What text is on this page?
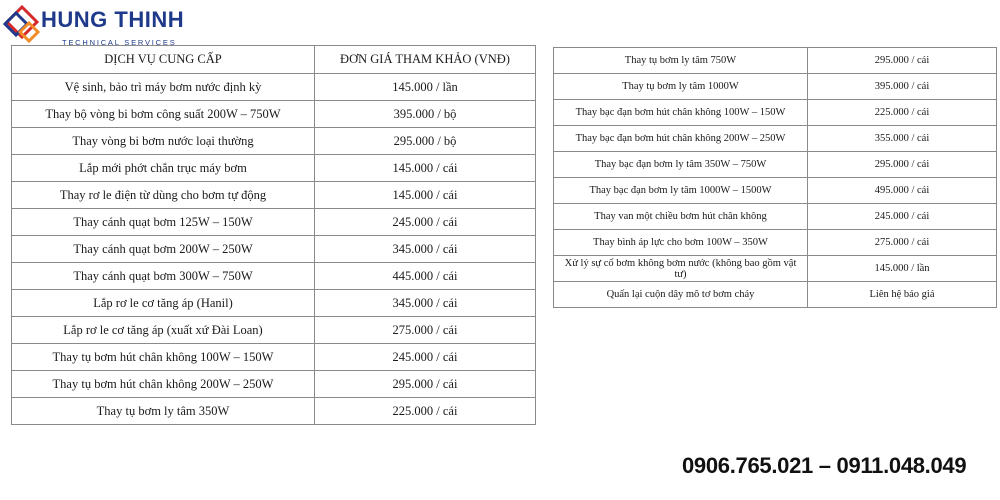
HUNG THINH
TECHNICAL SERVICES
DỊCH VỤ CUNG CẤP	ĐƠN GIÁ THAM KHẢO (VNĐ)
Vệ sinh, bảo trì máy bơm nước định kỳ	145.000 / lần
Thay bộ vòng bi bơm công suất 200W – 750W	395.000 / bộ
Thay vòng bi bơm nước loại thường	295.000 / bộ
Lắp mới phớt chắn trục máy bơm	145.000 / cái
Thay rơ le điện từ dùng cho bơm tự động	145.000 / cái
Thay cánh quạt bơm 125W – 150W	245.000 / cái
Thay cánh quạt bơm 200W – 250W	345.000 / cái
Thay cánh quạt bơm 300W – 750W	445.000 / cái
Lắp rơ le cơ tăng áp (Hanil)	345.000 / cái
Lắp rơ le cơ tăng áp (xuất xứ Đài Loan)	275.000 / cái
Thay tụ bơm hút chân không 100W – 150W	245.000 / cái
Thay tụ bơm hút chân không 200W – 250W	295.000 / cái
Thay tụ bơm ly tâm 350W	225.000 / cái
Thay tụ bơm ly tâm 750W	295.000 / cái
Thay tụ bơm ly tâm 1000W	395.000 / cái
Thay bạc đạn bơm hút chân không 100W – 150W	225.000 / cái
Thay bạc đạn bơm hút chân không 200W – 250W	355.000 / cái
Thay bạc đạn bơm ly tâm 350W – 750W	295.000 / cái
Thay bạc đạn bơm ly tâm 1000W – 1500W	495.000 / cái
Thay van một chiều bơm hút chân không	245.000 / cái
Thay bình áp lực cho bơm 100W – 350W	275.000 / cái
Xử lý sự cố bơm không bơm nước (không bao gồm vật tư)	145.000 / lần
Quấn lại cuộn dây mô tơ bơm cháy	Liên hệ báo giá
0906.765.021 – 0911.048.049
